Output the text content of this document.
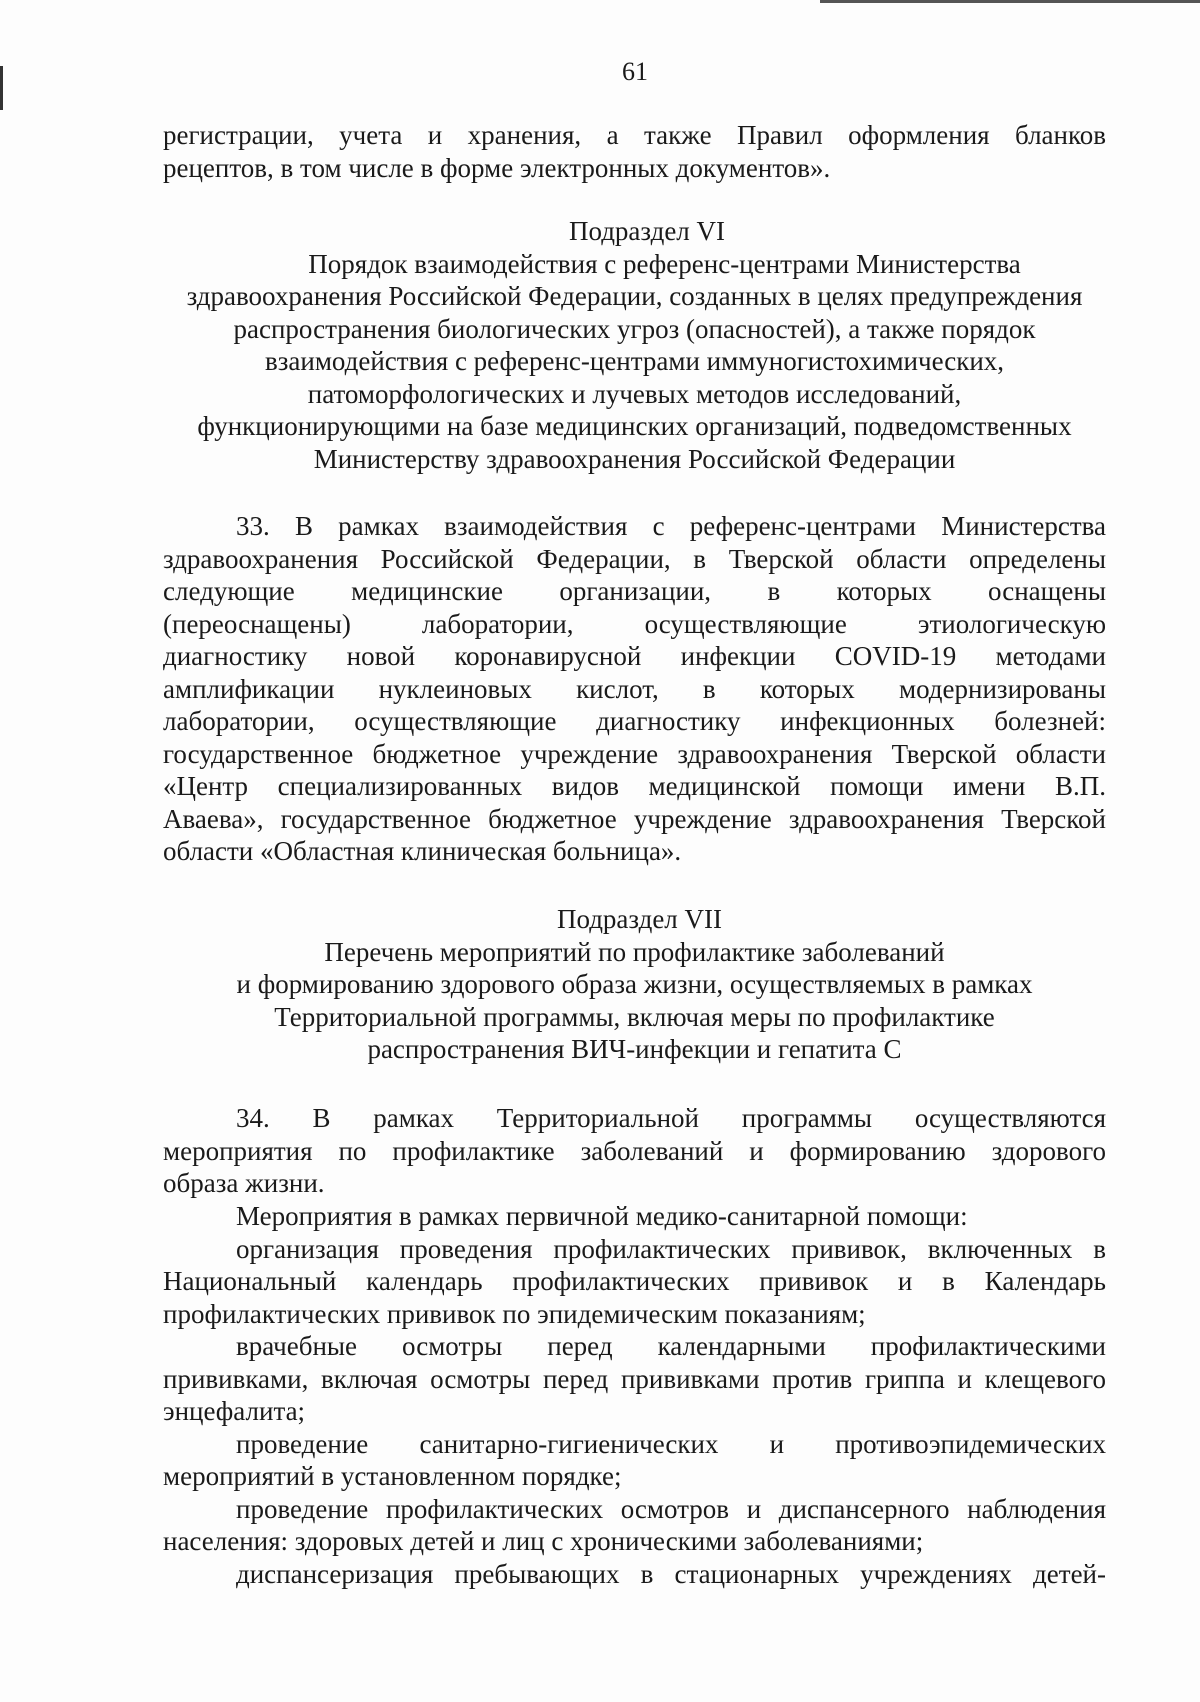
61

регистрации, учета и хранения, а также Правил оформления бланков

рецептов, в том числе в форме электронных документов».

Подраздел VI

Порядок взаимодействия с референс-центрами Министерства

здравоохранения Российской Федерации, созданных в целях предупреждения

распространения биологических угроз (опасностей), а также порядок

взаимодействия с референс-центрами иммуногистохимических,

патоморфологических и лучевых методов исследований,

функционирующими на базе медицинских организаций, подведомственных

Министерству здравоохранения Российской Федерации

33. В рамках взаимодействия с референс-центрами Министерства

здравоохранения Российской Федерации, в Тверской области определены

следующие медицинские организации, в которых оснащены

(переоснащены) лаборатории, осуществляющие этиологическую

диагностику новой коронавирусной инфекции COVID-19 методами

амплификации нуклеиновых кислот, в которых модернизированы

лаборатории, осуществляющие диагностику инфекционных болезней:

государственное бюджетное учреждение здравоохранения Тверской области

«Центр специализированных видов медицинской помощи имени В.П.

Аваева», государственное бюджетное учреждение здравоохранения Тверской

области «Областная клиническая больница».

Подраздел VII

Перечень мероприятий по профилактике заболеваний

и формированию здорового образа жизни, осуществляемых в рамках

Территориальной программы, включая меры по профилактике

распространения ВИЧ-инфекции и гепатита С

34. В рамках Территориальной программы осуществляются

мероприятия по профилактике заболеваний и формированию здорового

образа жизни.

Мероприятия в рамках первичной медико-санитарной помощи:

организация проведения профилактических прививок, включенных в

Национальный календарь профилактических прививок и в Календарь

профилактических прививок по эпидемическим показаниям;

врачебные осмотры перед календарными профилактическими

прививками, включая осмотры перед прививками против гриппа и клещевого

энцефалита;

проведение санитарно-гигиенических и противоэпидемических

мероприятий в установленном порядке;

проведение профилактических осмотров и диспансерного наблюдения

населения: здоровых детей и лиц с хроническими заболеваниями;

диспансеризация пребывающих в стационарных учреждениях детей-
